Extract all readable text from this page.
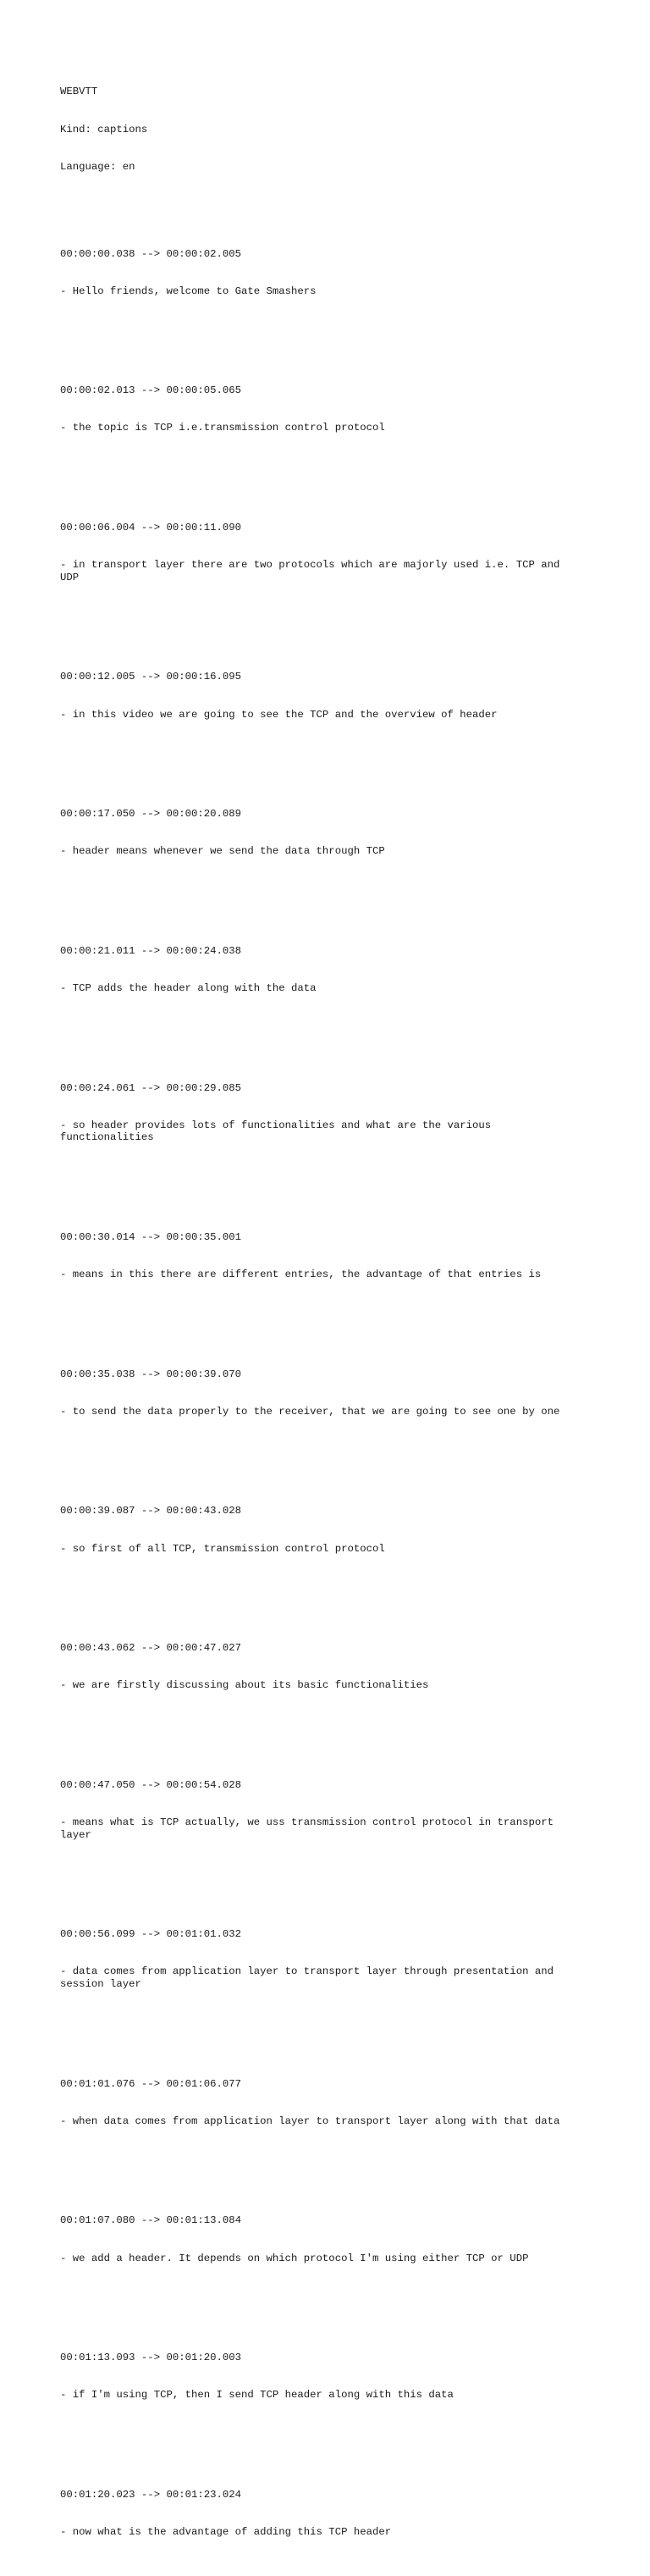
WEBVTT

Kind: captions

Language: en

00:00:00.038 --> 00:00:02.005

- Hello friends, welcome to Gate Smashers

00:00:02.013 --> 00:00:05.065

- the topic is TCP i.e.transmission control protocol

00:00:06.004 --> 00:00:11.090

- in transport layer there are two protocols which are majorly used i.e. TCP and
UDP

00:00:12.005 --> 00:00:16.095

- in this video we are going to see the TCP and the overview of header

00:00:17.050 --> 00:00:20.089

- header means whenever we send the data through TCP

00:00:21.011 --> 00:00:24.038

- TCP adds the header along with the data

00:00:24.061 --> 00:00:29.085

- so header provides lots of functionalities and what are the various
functionalities

00:00:30.014 --> 00:00:35.001

- means in this there are different entries, the advantage of that entries is

00:00:35.038 --> 00:00:39.070

- to send the data properly to the receiver, that we are going to see one by one

00:00:39.087 --> 00:00:43.028

- so first of all TCP, transmission control protocol

00:00:43.062 --> 00:00:47.027

- we are firstly discussing about its basic functionalities

00:00:47.050 --> 00:00:54.028

- means what is TCP actually, we uss transmission control protocol in transport
layer

00:00:56.099 --> 00:01:01.032

- data comes from application layer to transport layer through presentation and
session layer

00:01:01.076 --> 00:01:06.077

- when data comes from application layer to transport layer along with that data

00:01:07.080 --> 00:01:13.084

- we add a header. It depends on which protocol I'm using either TCP or UDP

00:01:13.093 --> 00:01:20.003

- if I'm using TCP, then I send TCP header along with this data

00:01:20.023 --> 00:01:23.024

- now what is the advantage of adding this TCP header
